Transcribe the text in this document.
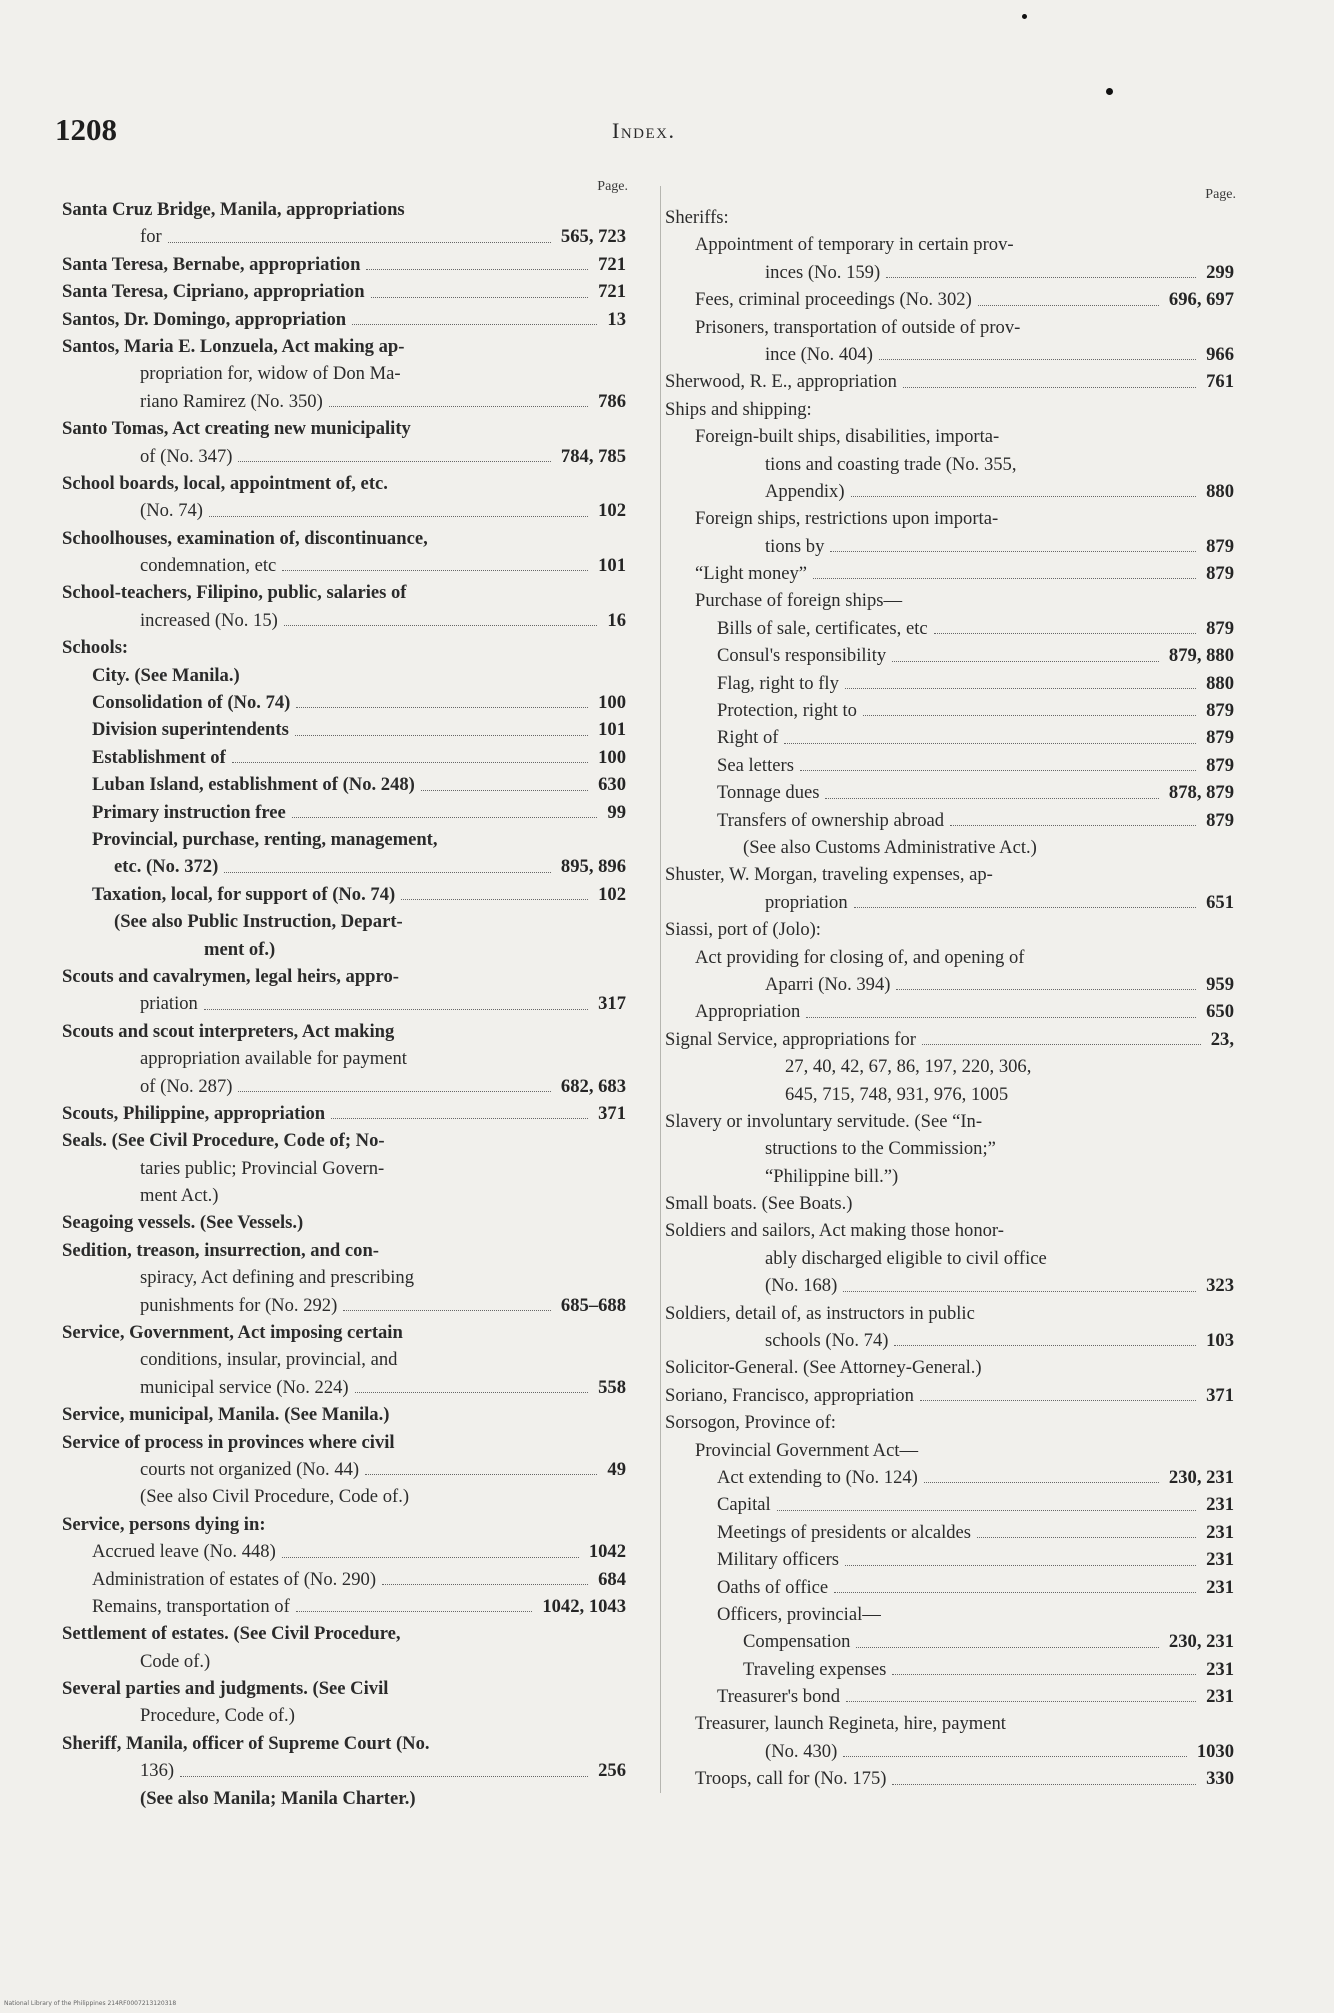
1208	Index.
Page.
Santa Cruz Bridge, Manila, appropriations
for	565, 723
Santa Teresa, Bernabe, appropriation	721
Santa Teresa, Cipriano, appropriation	721
Santos, Dr. Domingo, appropriation	13
Santos, Maria E. Lonzuela, Act making ap-
propriation for, widow of Don Ma-
riano Ramirez (No. 350)	786
Santo Tomas, Act creating new municipality
of (No. 347)	784, 785
School boards, local, appointment of, etc.
(No. 74)	102
Schoolhouses, examination of, discontinuance,
condemnation, etc	101
School-teachers, Filipino, public, salaries of
increased (No. 15)	16
Schools:
City. (See Manila.)
Consolidation of (No. 74)	100
Division superintendents	101
Establishment of	100
Luban Island, establishment of (No. 248)	630
Primary instruction free	99
Provincial, purchase, renting, management,
etc. (No. 372)	895, 896
Taxation, local, for support of (No. 74)	102
(See also Public Instruction, Depart-
ment of.)
Scouts and cavalrymen, legal heirs, appro-
priation	317
Scouts and scout interpreters, Act making
appropriation available for payment
of (No. 287)	682, 683
Scouts, Philippine, appropriation	371
Seals. (See Civil Procedure, Code of; No-
taries public; Provincial Govern-
ment Act.)
Seagoing vessels. (See Vessels.)
Sedition, treason, insurrection, and con-
spiracy, Act defining and prescribing
punishments for (No. 292)	685–688
Service, Government, Act imposing certain
conditions, insular, provincial, and
municipal service (No. 224)	558
Service, municipal, Manila. (See Manila.)
Service of process in provinces where civil
courts not organized (No. 44)	49
(See also Civil Procedure, Code of.)
Service, persons dying in:
Accrued leave (No. 448)	1042
Administration of estates of (No. 290)	684
Remains, transportation of	1042, 1043
Settlement of estates. (See Civil Procedure,
Code of.)
Several parties and judgments. (See Civil
Procedure, Code of.)
Sheriff, Manila, officer of Supreme Court (No.
136)	256
(See also Manila; Manila Charter.)
Page.
Sheriffs:
Appointment of temporary in certain prov-
inces (No. 159)	299
Fees, criminal proceedings (No. 302)	696, 697
Prisoners, transportation of outside of prov-
ince (No. 404)	966
Sherwood, R. E., appropriation	761
Ships and shipping:
Foreign-built ships, disabilities, importa-
tions and coasting trade (No. 355,
Appendix)	880
Foreign ships, restrictions upon importa-
tions by	879
“Light money”	879
Purchase of foreign ships—
Bills of sale, certificates, etc	879
Consul's responsibility	879, 880
Flag, right to fly	880
Protection, right to	879
Right of	879
Sea letters	879
Tonnage dues	878, 879
Transfers of ownership abroad	879
(See also Customs Administrative Act.)
Shuster, W. Morgan, traveling expenses, ap-
propriation	651
Siassi, port of (Jolo):
Act providing for closing of, and opening of
Aparri (No. 394)	959
Appropriation	650
Signal Service, appropriations for	23,
27, 40, 42, 67, 86, 197, 220, 306,
645, 715, 748, 931, 976, 1005
Slavery or involuntary servitude. (See “In-
structions to the Commission;”
“Philippine bill.”)
Small boats. (See Boats.)
Soldiers and sailors, Act making those honor-
ably discharged eligible to civil office
(No. 168)	323
Soldiers, detail of, as instructors in public
schools (No. 74)	103
Solicitor-General. (See Attorney-General.)
Soriano, Francisco, appropriation	371
Sorsogon, Province of:
Provincial Government Act—
Act extending to (No. 124)	230, 231
Capital	231
Meetings of presidents or alcaldes	231
Military officers	231
Oaths of office	231
Officers, provincial—
Compensation	230, 231
Traveling expenses	231
Treasurer's bond	231
Treasurer, launch Regineta, hire, payment
(No. 430)	1030
Troops, call for (No. 175)	330
National Library of the Philippines 214RF0007213120318
